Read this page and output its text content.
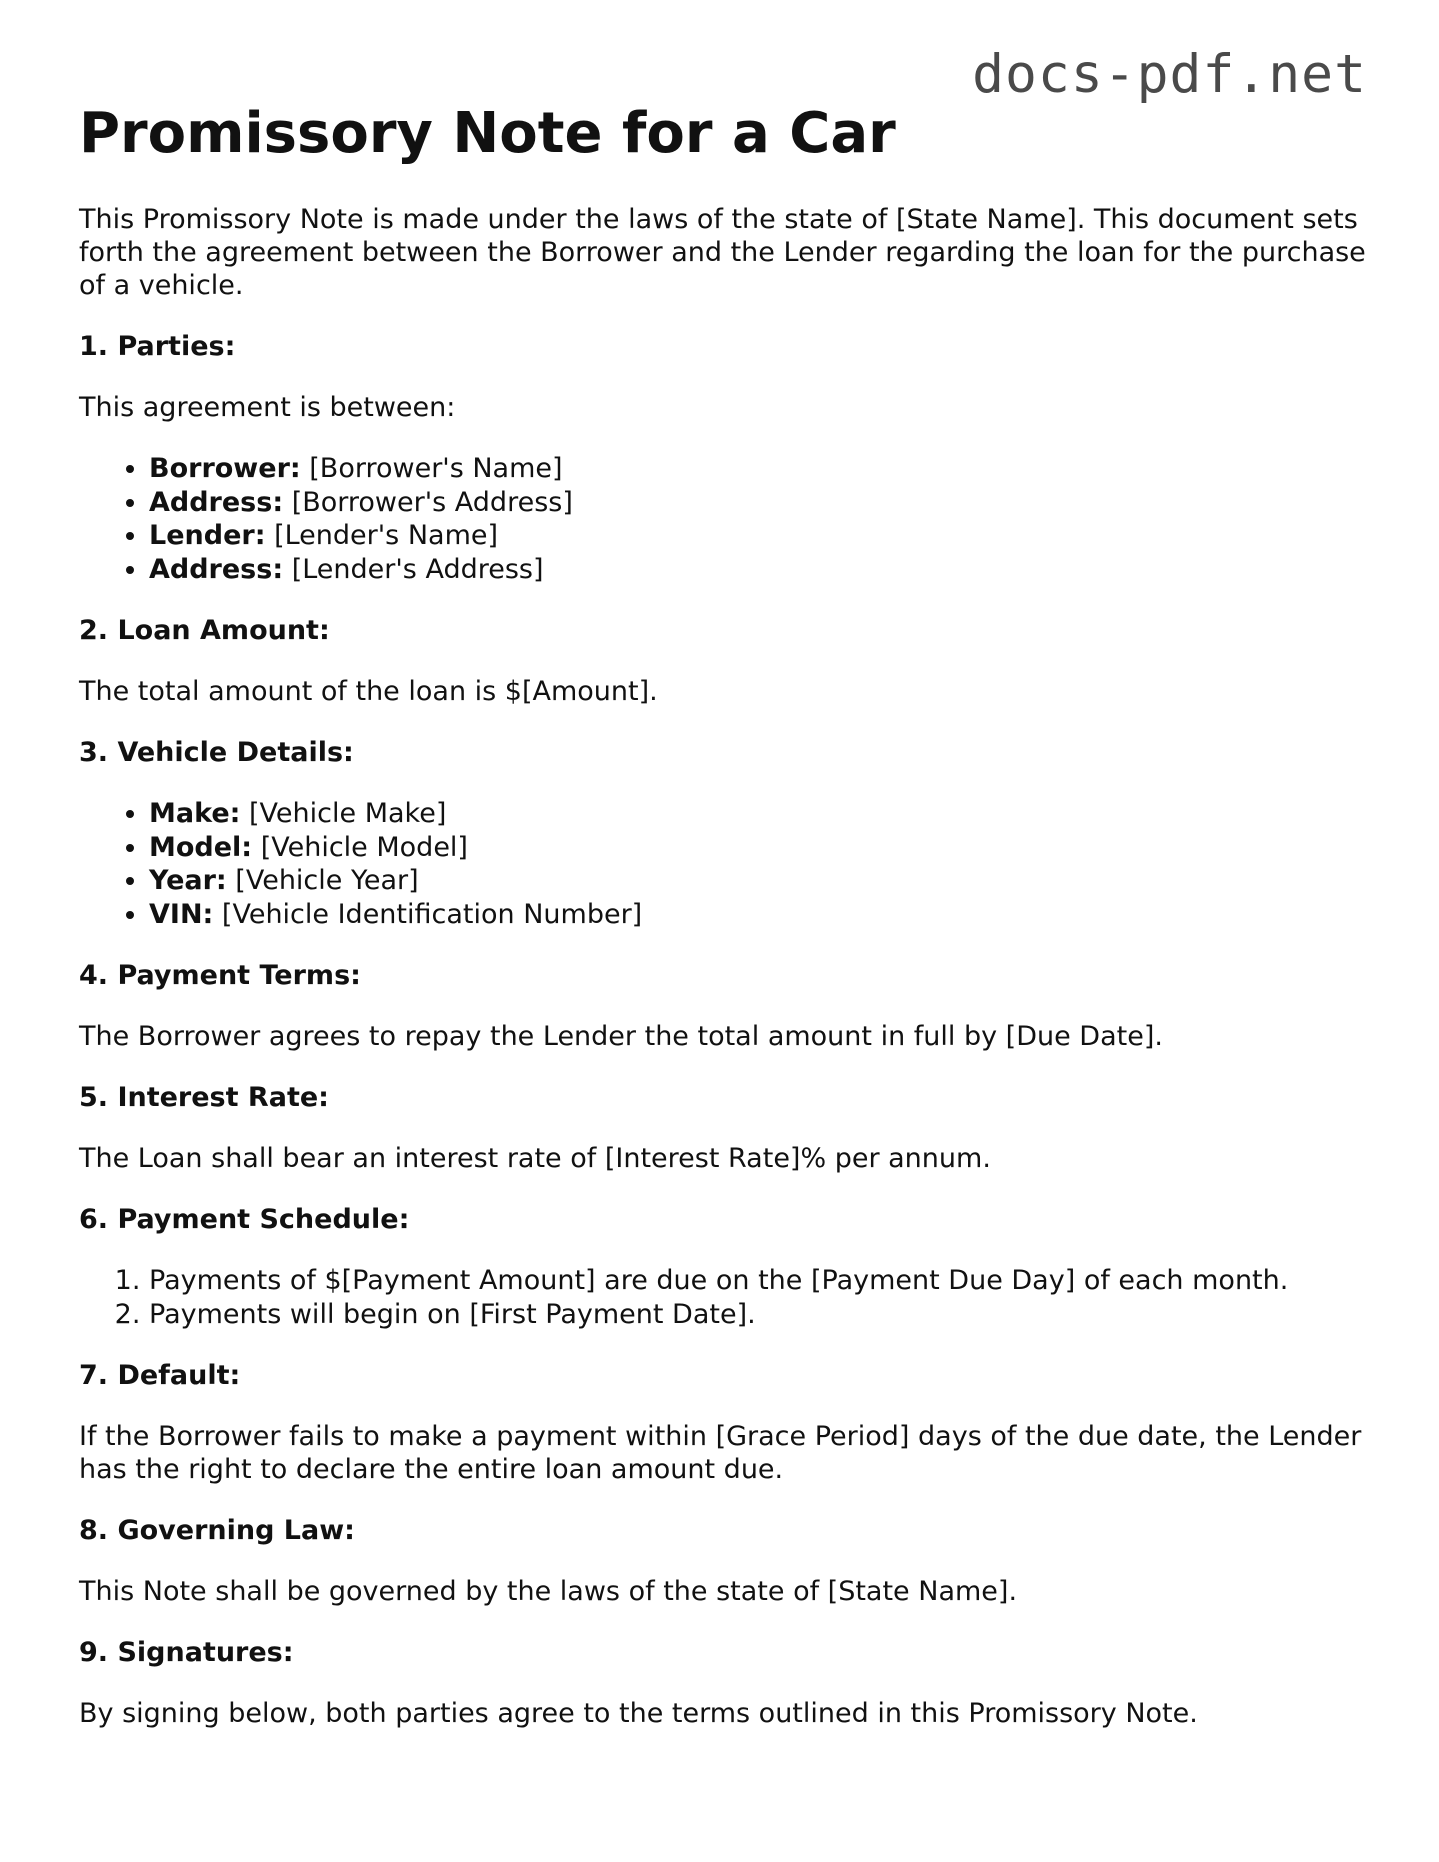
docs-pdf.net
Promissory Note for a Car

This Promissory Note is made under the laws of the state of [State Name]. This document sets forth the agreement between the Borrower and the Lender regarding the loan for the purchase of a vehicle.

1. Parties:

This agreement is between:

• Borrower: [Borrower's Name]
• Address: [Borrower's Address]
• Lender: [Lender's Name]
• Address: [Lender's Address]
2. Loan Amount:

The total amount of the loan is $[Amount].

3. Vehicle Details:
• Make: [Vehicle Make]
• Model: [Vehicle Model]
• Year: [Vehicle Year]
• VIN: [Vehicle Identification Number]
4. Payment Terms:

The Borrower agrees to repay the Lender the total amount in full by [Due Date].

5. Interest Rate:

The Loan shall bear an interest rate of [Interest Rate]% per annum.

6. Payment Schedule:
1. Payments of $[Payment Amount] are due on the [Payment Due Day] of each month.
2. Payments will begin on [First Payment Date].
7. Default:

If the Borrower fails to make a payment within [Grace Period] days of the due date, the Lender has the right to declare the entire loan amount due.

8. Governing Law:

This Note shall be governed by the laws of the state of [State Name].

9. Signatures:

By signing below, both parties agree to the terms outlined in this Promissory Note.
